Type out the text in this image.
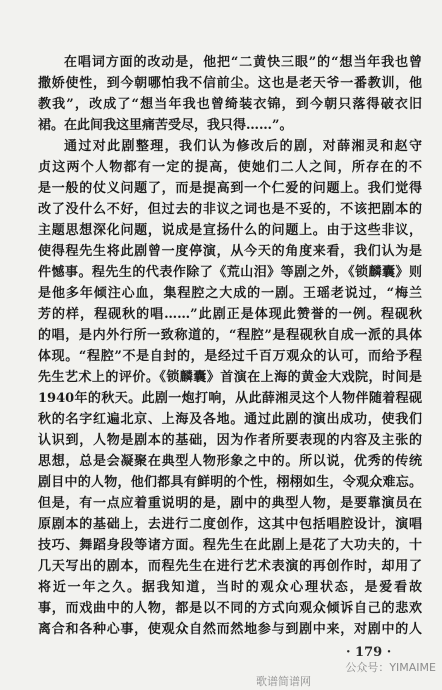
在唱词方面的改动是，他把“二黄快三眼”的“想当年我也曾
撒娇使性，到今朝哪怕我不信前尘。这也是老天爷一番教训，他
教我”，改成了“想当年我也曾绮装衣锦，到今朝只落得破衣旧
裙。在此间我这里痛苦受尽，我只得……”。
通过对此剧整理，我们认为修改后的剧，对薛湘灵和赵守
贞这两个人物都有一定的提高，使她们二人之间，所存在的不
是一般的仗义问题了，而是提高到一个仁爱的问题上。我们觉得
改了没什么不好，但过去的非议之词也是不妥的，不该把剧本的
主题思想深化问题，说成是宣扬什么的问题上。由于这些非议，
使得程先生将此剧曾一度停演，从今天的角度来看，我们认为是
件憾事。程先生的代表作除了《荒山泪》等剧之外，《锁麟囊》则
是他多年倾注心血，集程腔之大成的一剧。王瑶老说过，“梅兰
芳的样，程砚秋的唱……”此剧正是体现此赞誉的一例。程砚秋
的唱，是内外行所一致称道的，“程腔”是程砚秋自成一派的具体
体现。“程腔”不是自封的，是经过千百万观众的认可，而给予程
先生艺术上的评价。《锁麟囊》首演在上海的黄金大戏院，时间是
1940年的秋天。此剧一炮打响，从此薛湘灵这个人物伴随着程砚
秋的名字红遍北京、上海及各地。通过此剧的演出成功，使我们
认识到，人物是剧本的基础，因为作者所要表现的内容及主张的
思想，总是会凝聚在典型人物形象之中的。所以说，优秀的传统
剧目中的人物，他们都具有鲜明的个性，栩栩如生，令观众难忘。
但是，有一点应着重说明的是，剧中的典型人物，是要靠演员在
原剧本的基础上，去进行二度创作，这其中包括唱腔设计，演唱
技巧、舞蹈身段等诸方面。程先生在此剧上是花了大功夫的，十
几天写出的剧本，而程先生在进行艺术表演的再创作时，却用了
将近一年之久。据我知道，当时的观众心理状态，是爱看故
事，而戏曲中的人物，都是以不同的方式向观众倾诉自己的悲欢
离合和各种心事，使观众自然而然地参与到剧中来，对剧中的人
· 179 ·
公众号：YIMAIME
歌谱简谱网
